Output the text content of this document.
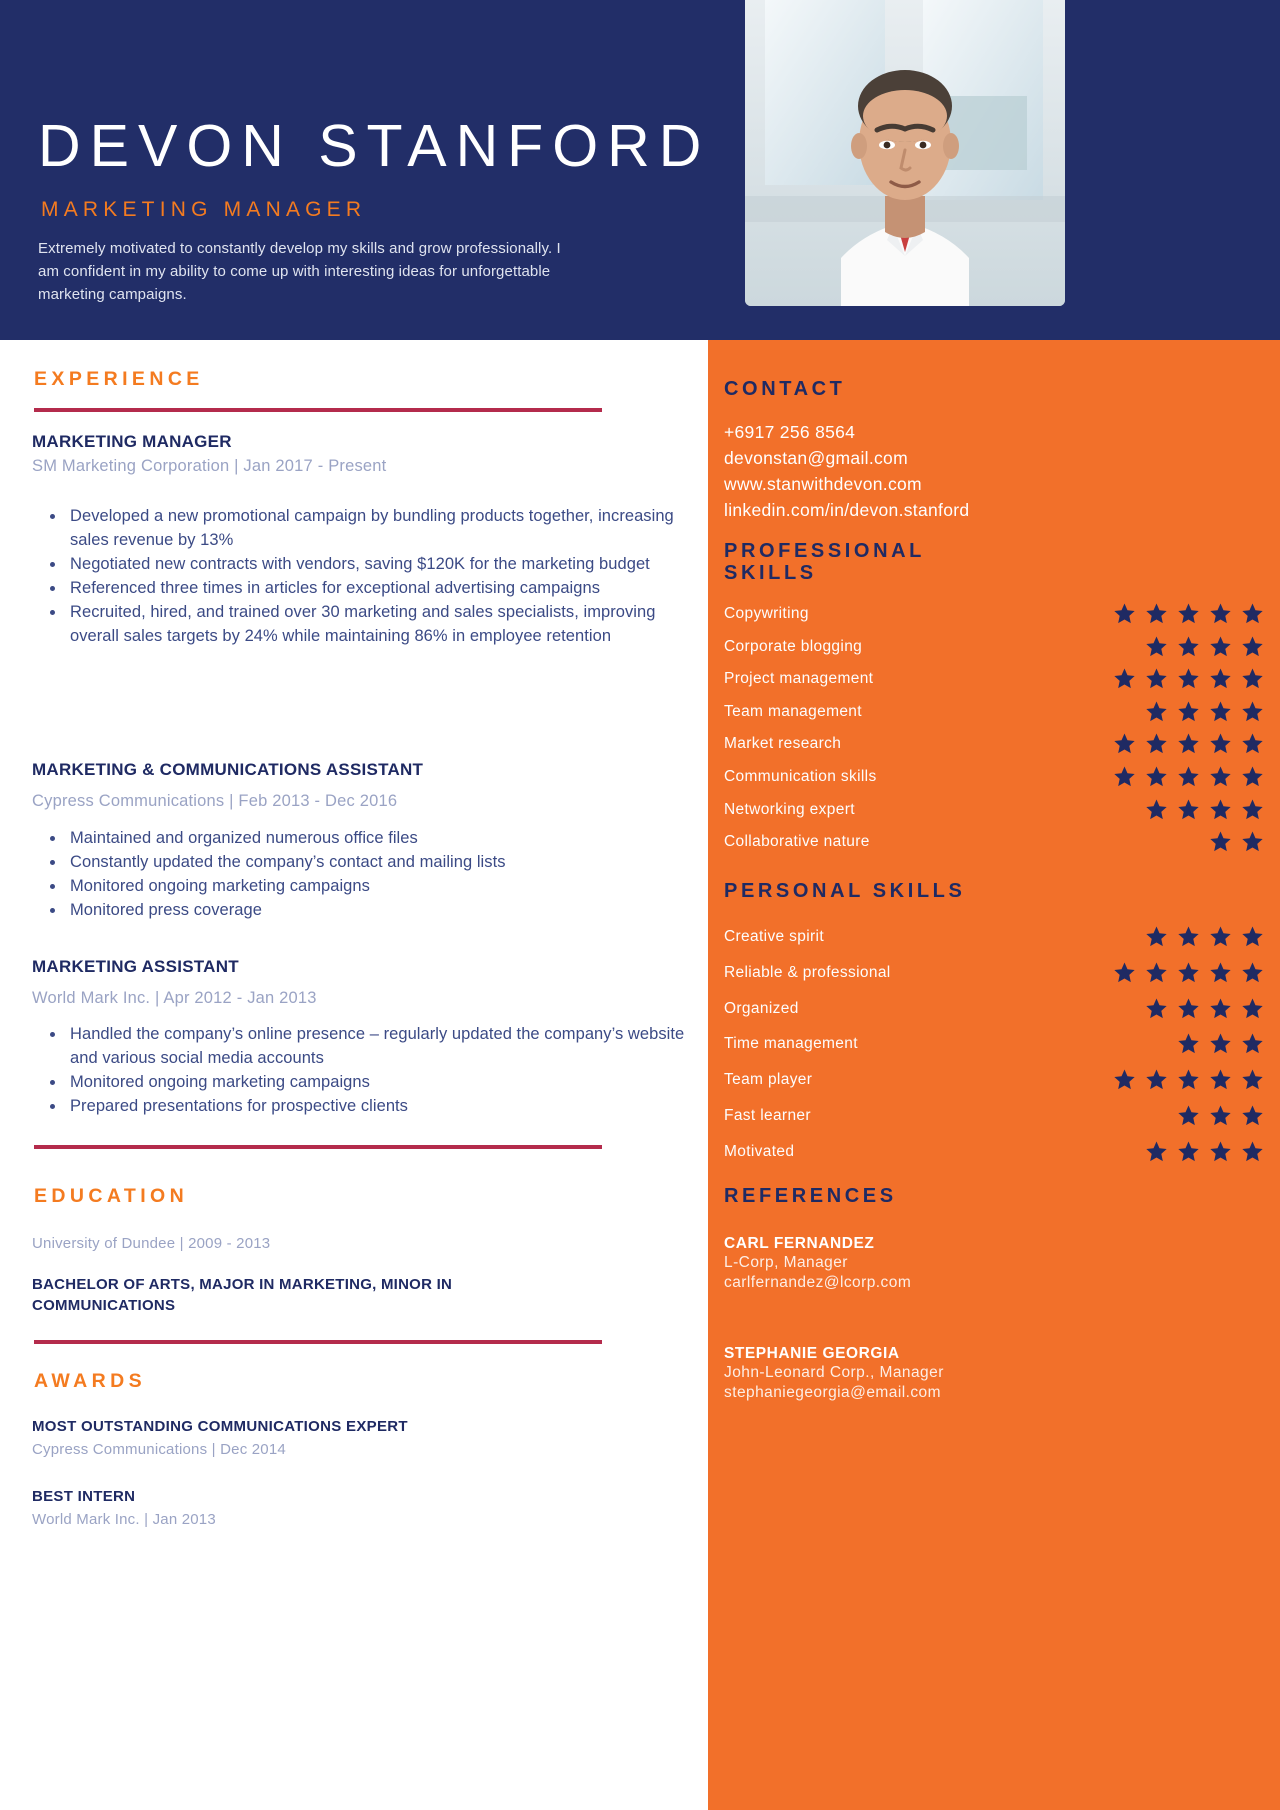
DEVON STANFORD
MARKETING MANAGER
Extremely motivated to constantly develop my skills and grow professionally. I am confident in my ability to come up with interesting ideas for unforgettable marketing campaigns.
EXPERIENCE
MARKETING MANAGER
SM Marketing Corporation | Jan 2017 - Present
• Developed a new promotional campaign by bundling products together, increasing sales revenue by 13%
• Negotiated new contracts with vendors, saving $120K for the marketing budget
• Referenced three times in articles for exceptional advertising campaigns
• Recruited, hired, and trained over 30 marketing and sales specialists, improving overall sales targets by 24% while maintaining 86% in employee retention
MARKETING & COMMUNICATIONS ASSISTANT
Cypress Communications | Feb 2013 - Dec 2016
• Maintained and organized numerous office files
• Constantly updated the company’s contact and mailing lists
• Monitored ongoing marketing campaigns
• Monitored press coverage
MARKETING ASSISTANT
World Mark Inc. | Apr 2012 - Jan 2013
• Handled the company’s online presence – regularly updated the company’s website and various social media accounts
• Monitored ongoing marketing campaigns
• Prepared presentations for prospective clients
EDUCATION
University of Dundee | 2009 - 2013
BACHELOR OF ARTS, MAJOR IN MARKETING, MINOR IN COMMUNICATIONS
AWARDS
MOST OUTSTANDING COMMUNICATIONS EXPERT
Cypress Communications | Dec 2014
BEST INTERN
World Mark Inc. | Jan 2013
CONTACT
+6917 256 8564
devonstan@gmail.com
www.stanwithdevon.com
linkedin.com/in/devon.stanford
PROFESSIONAL SKILLS
Copywriting
Corporate blogging
Project management
Team management
Market research
Communication skills
Networking expert
Collaborative nature
PERSONAL SKILLS
Creative spirit
Reliable & professional
Organized
Time management
Team player
Fast learner
Motivated
REFERENCES
CARL FERNANDEZ
L-Corp, Manager
carlfernandez@lcorp.com
STEPHANIE GEORGIA
John-Leonard Corp., Manager
stephaniegeorgia@email.com
